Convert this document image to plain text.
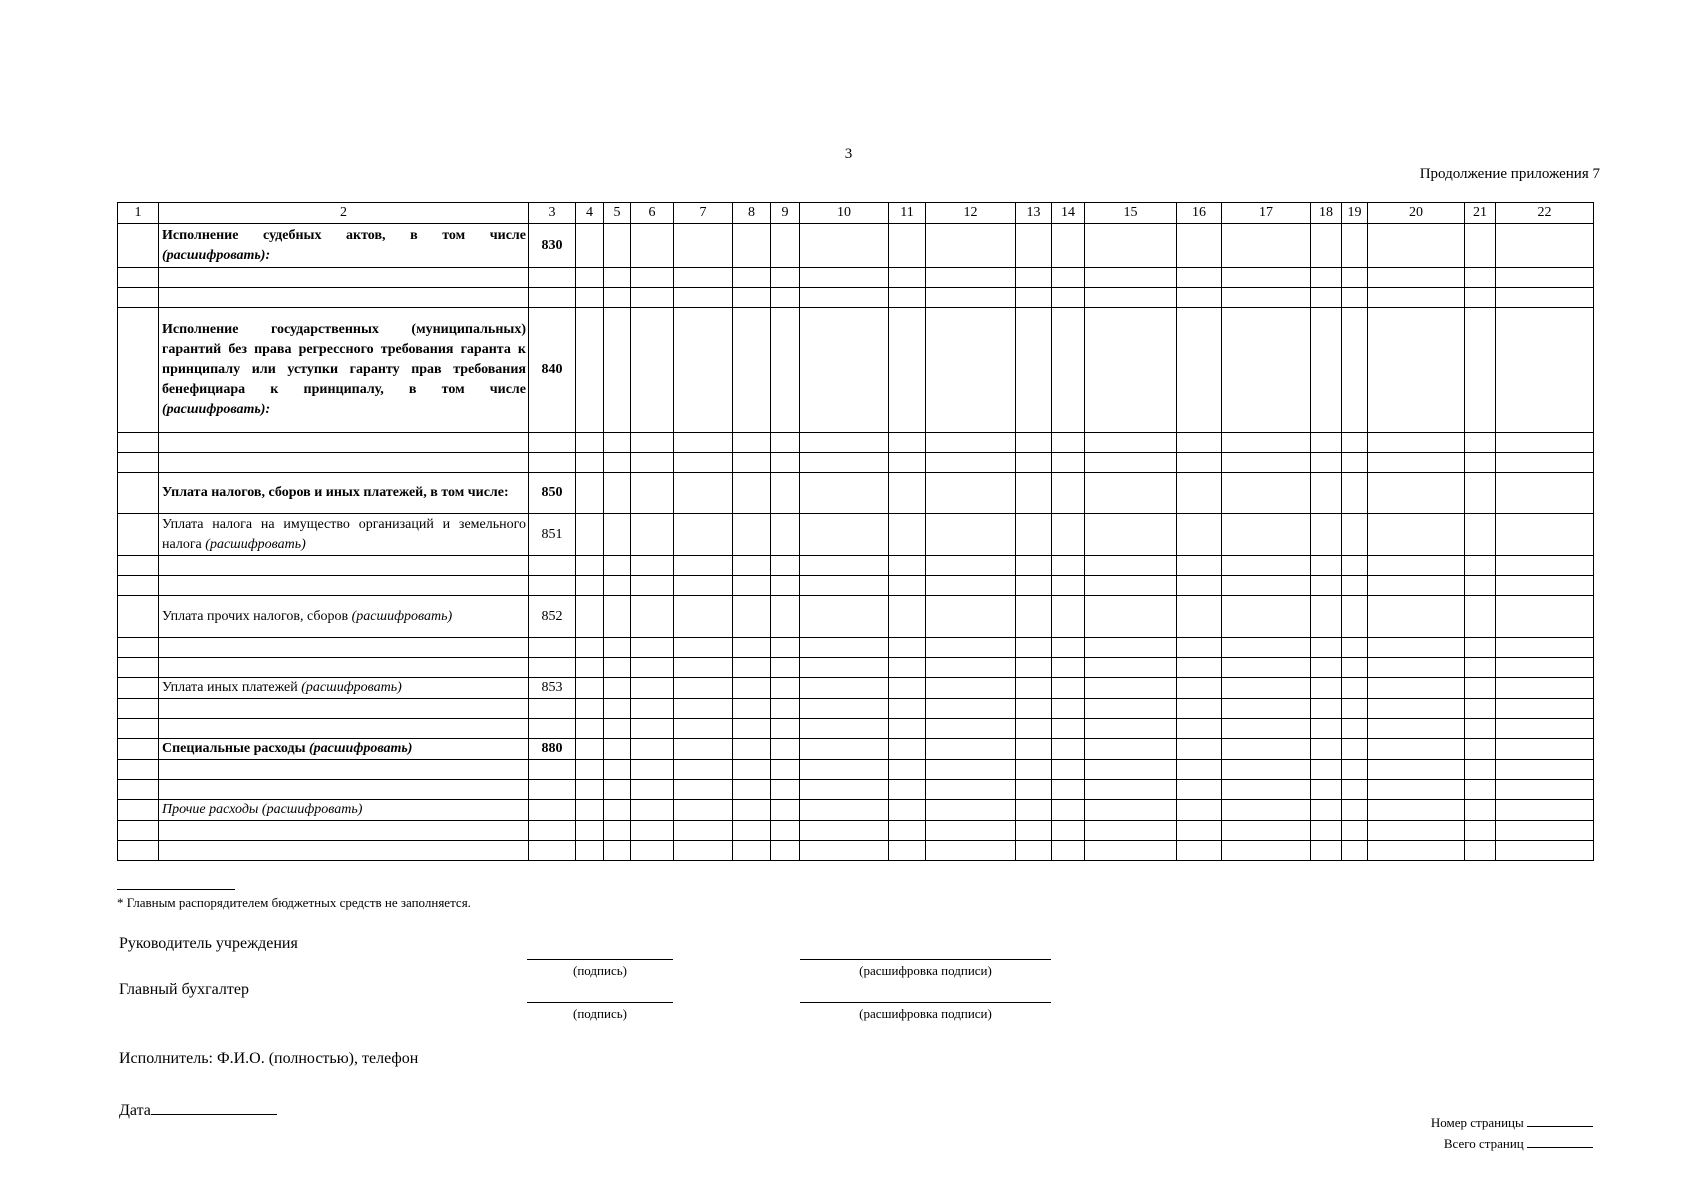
3
Продолжение приложения 7
1	2	3	4	5	6	7	8	9	10	11	12	13	14	15	16	17	18	19	20	21	22
	Исполнение судебных актов, в том числе (расшифровать):	830																			

	Исполнение государственных (муниципальных) гарантий без права регрессного требования гаранта к принципалу или уступки гаранту прав требования бенефициара к принципалу, в том числе (расшифровать):	840																			

	Уплата налогов, сборов и иных платежей, в том числе:	850																			
	Уплата налога на имущество организаций и земельного налога (расшифровать)	851																			

	Уплата прочих налогов, сборов (расшифровать)	852																			

	Уплата иных платежей (расшифровать)	853																			

	Специальные расходы (расшифровать)	880																			

	Прочие расходы (расшифровать)																				

* Главным распорядителем бюджетных средств не заполняется.
Руководитель учреждения
(подпись)	(расшифровка подписи)
Главный бухгалтер
(подпись)	(расшифровка подписи)
Исполнитель: Ф.И.О. (полностью), телефон
Дата
Номер страницы
Всего страниц
